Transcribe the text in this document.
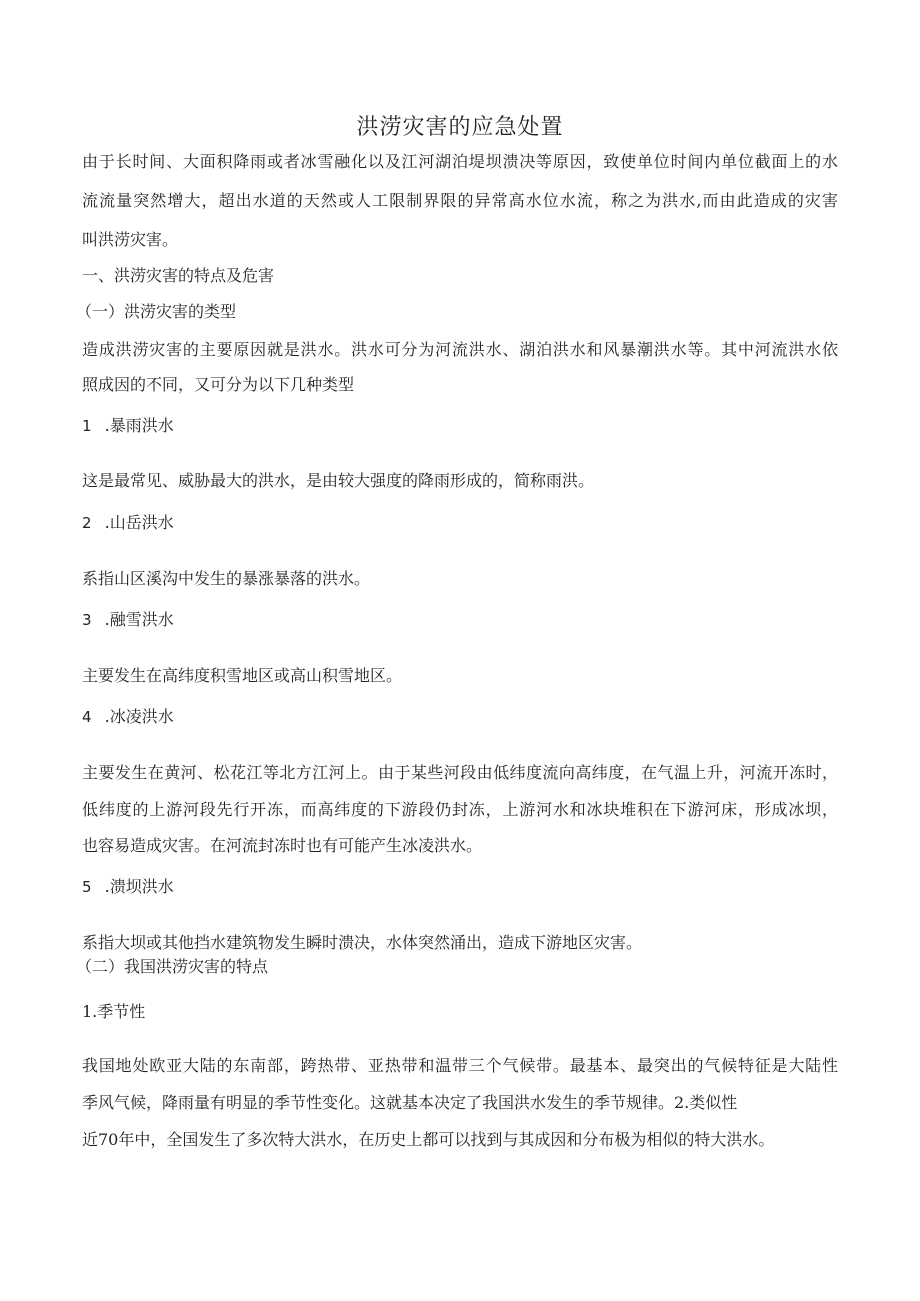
洪涝灾害的应急处置
由于长时间、大面积降雨或者冰雪融化以及江河湖泊堤坝溃决等原因，致使单位时间内单位截面上的水
流流量突然增大，超出水道的天然或人工限制界限的异常高水位水流，称之为洪水,而由此造成的灾害
叫洪涝灾害。
一、洪涝灾害的特点及危害
（一）洪涝灾害的类型
造成洪涝灾害的主要原因就是洪水。洪水可分为河流洪水、湖泊洪水和风暴潮洪水等。其中河流洪水依
照成因的不同，又可分为以下几种类型
1 .暴雨洪水
这是最常见、威胁最大的洪水，是由较大强度的降雨形成的，简称雨洪。
2 .山岳洪水
系指山区溪沟中发生的暴涨暴落的洪水。
3 .融雪洪水
主要发生在高纬度积雪地区或高山积雪地区。
4 .冰凌洪水
主要发生在黄河、松花江等北方江河上。由于某些河段由低纬度流向高纬度，在气温上升，河流开冻时，
低纬度的上游河段先行开冻，而高纬度的下游段仍封冻，上游河水和冰块堆积在下游河床，形成冰坝，
也容易造成灾害。在河流封冻时也有可能产生冰凌洪水。
5 .溃坝洪水
系指大坝或其他挡水建筑物发生瞬时溃决，水体突然涌出，造成下游地区灾害。
（二）我国洪涝灾害的特点
1.季节性
我国地处欧亚大陆的东南部，跨热带、亚热带和温带三个气候带。最基本、最突出的气候特征是大陆性
季风气候，降雨量有明显的季节性变化。这就基本决定了我国洪水发生的季节规律。2.类似性
近70年中，全国发生了多次特大洪水，在历史上都可以找到与其成因和分布极为相似的特大洪水。
